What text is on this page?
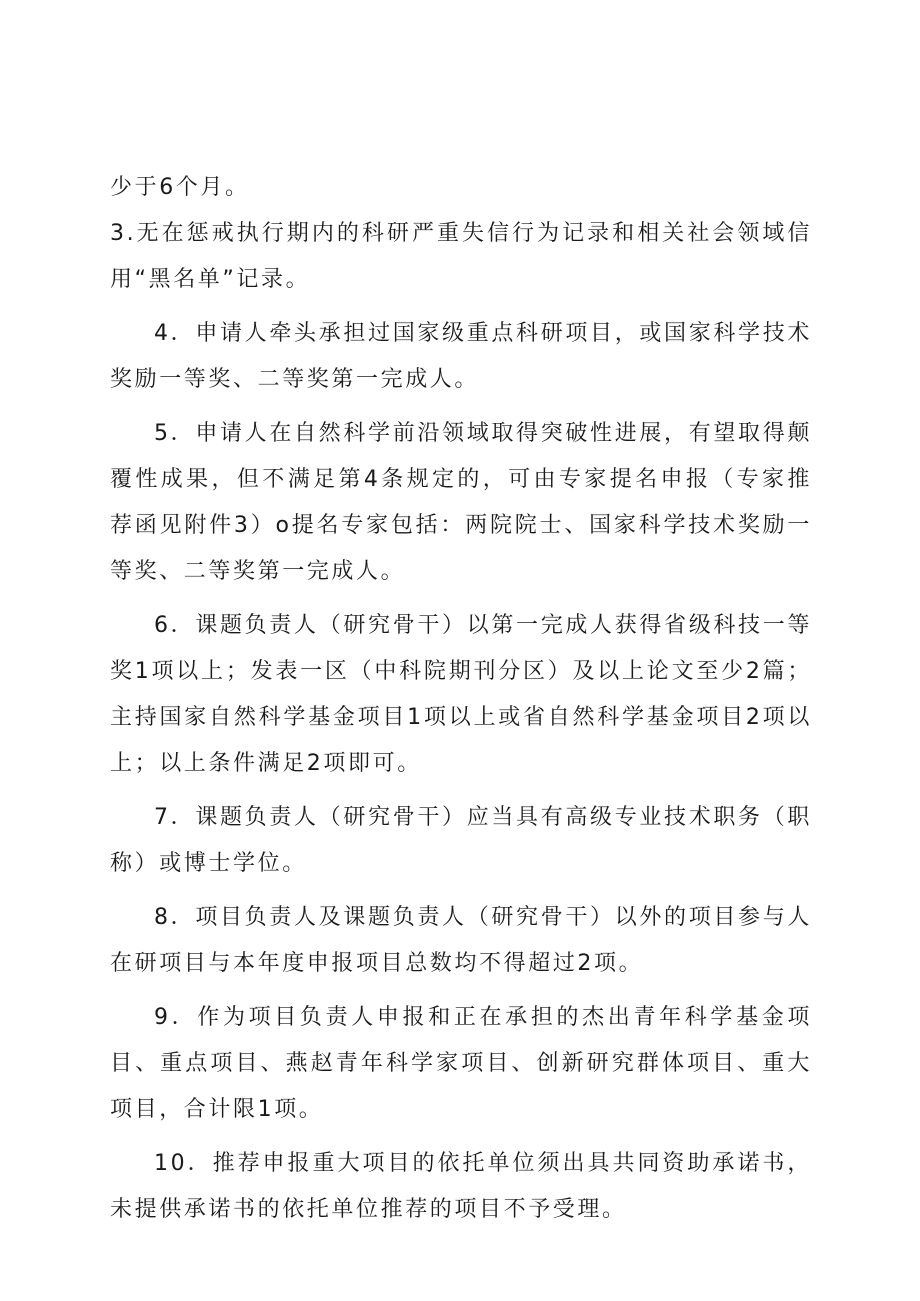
少于6个月。

3.无在惩戒执行期内的科研严重失信行为记录和相关社会领域信用“黑名单”记录。

4．申请人牵头承担过国家级重点科研项目，或国家科学技术奖励一等奖、二等奖第一完成人。

5．申请人在自然科学前沿领域取得突破性进展，有望取得颠覆性成果，但不满足第4条规定的，可由专家提名申报（专家推荐函见附件3）o提名专家包括：两院院士、国家科学技术奖励一等奖、二等奖第一完成人。

6．课题负责人（研究骨干）以第一完成人获得省级科技一等奖1项以上；发表一区（中科院期刊分区）及以上论文至少2篇；主持国家自然科学基金项目1项以上或省自然科学基金项目2项以上；以上条件满足2项即可。

7．课题负责人（研究骨干）应当具有高级专业技术职务（职称）或博士学位。

8．项目负责人及课题负责人（研究骨干）以外的项目参与人在研项目与本年度申报项目总数均不得超过2项。

9．作为项目负责人申报和正在承担的杰出青年科学基金项目、重点项目、燕赵青年科学家项目、创新研究群体项目、重大项目，合计限1项。

10．推荐申报重大项目的依托单位须出具共同资助承诺书，未提供承诺书的依托单位推荐的项目不予受理。
